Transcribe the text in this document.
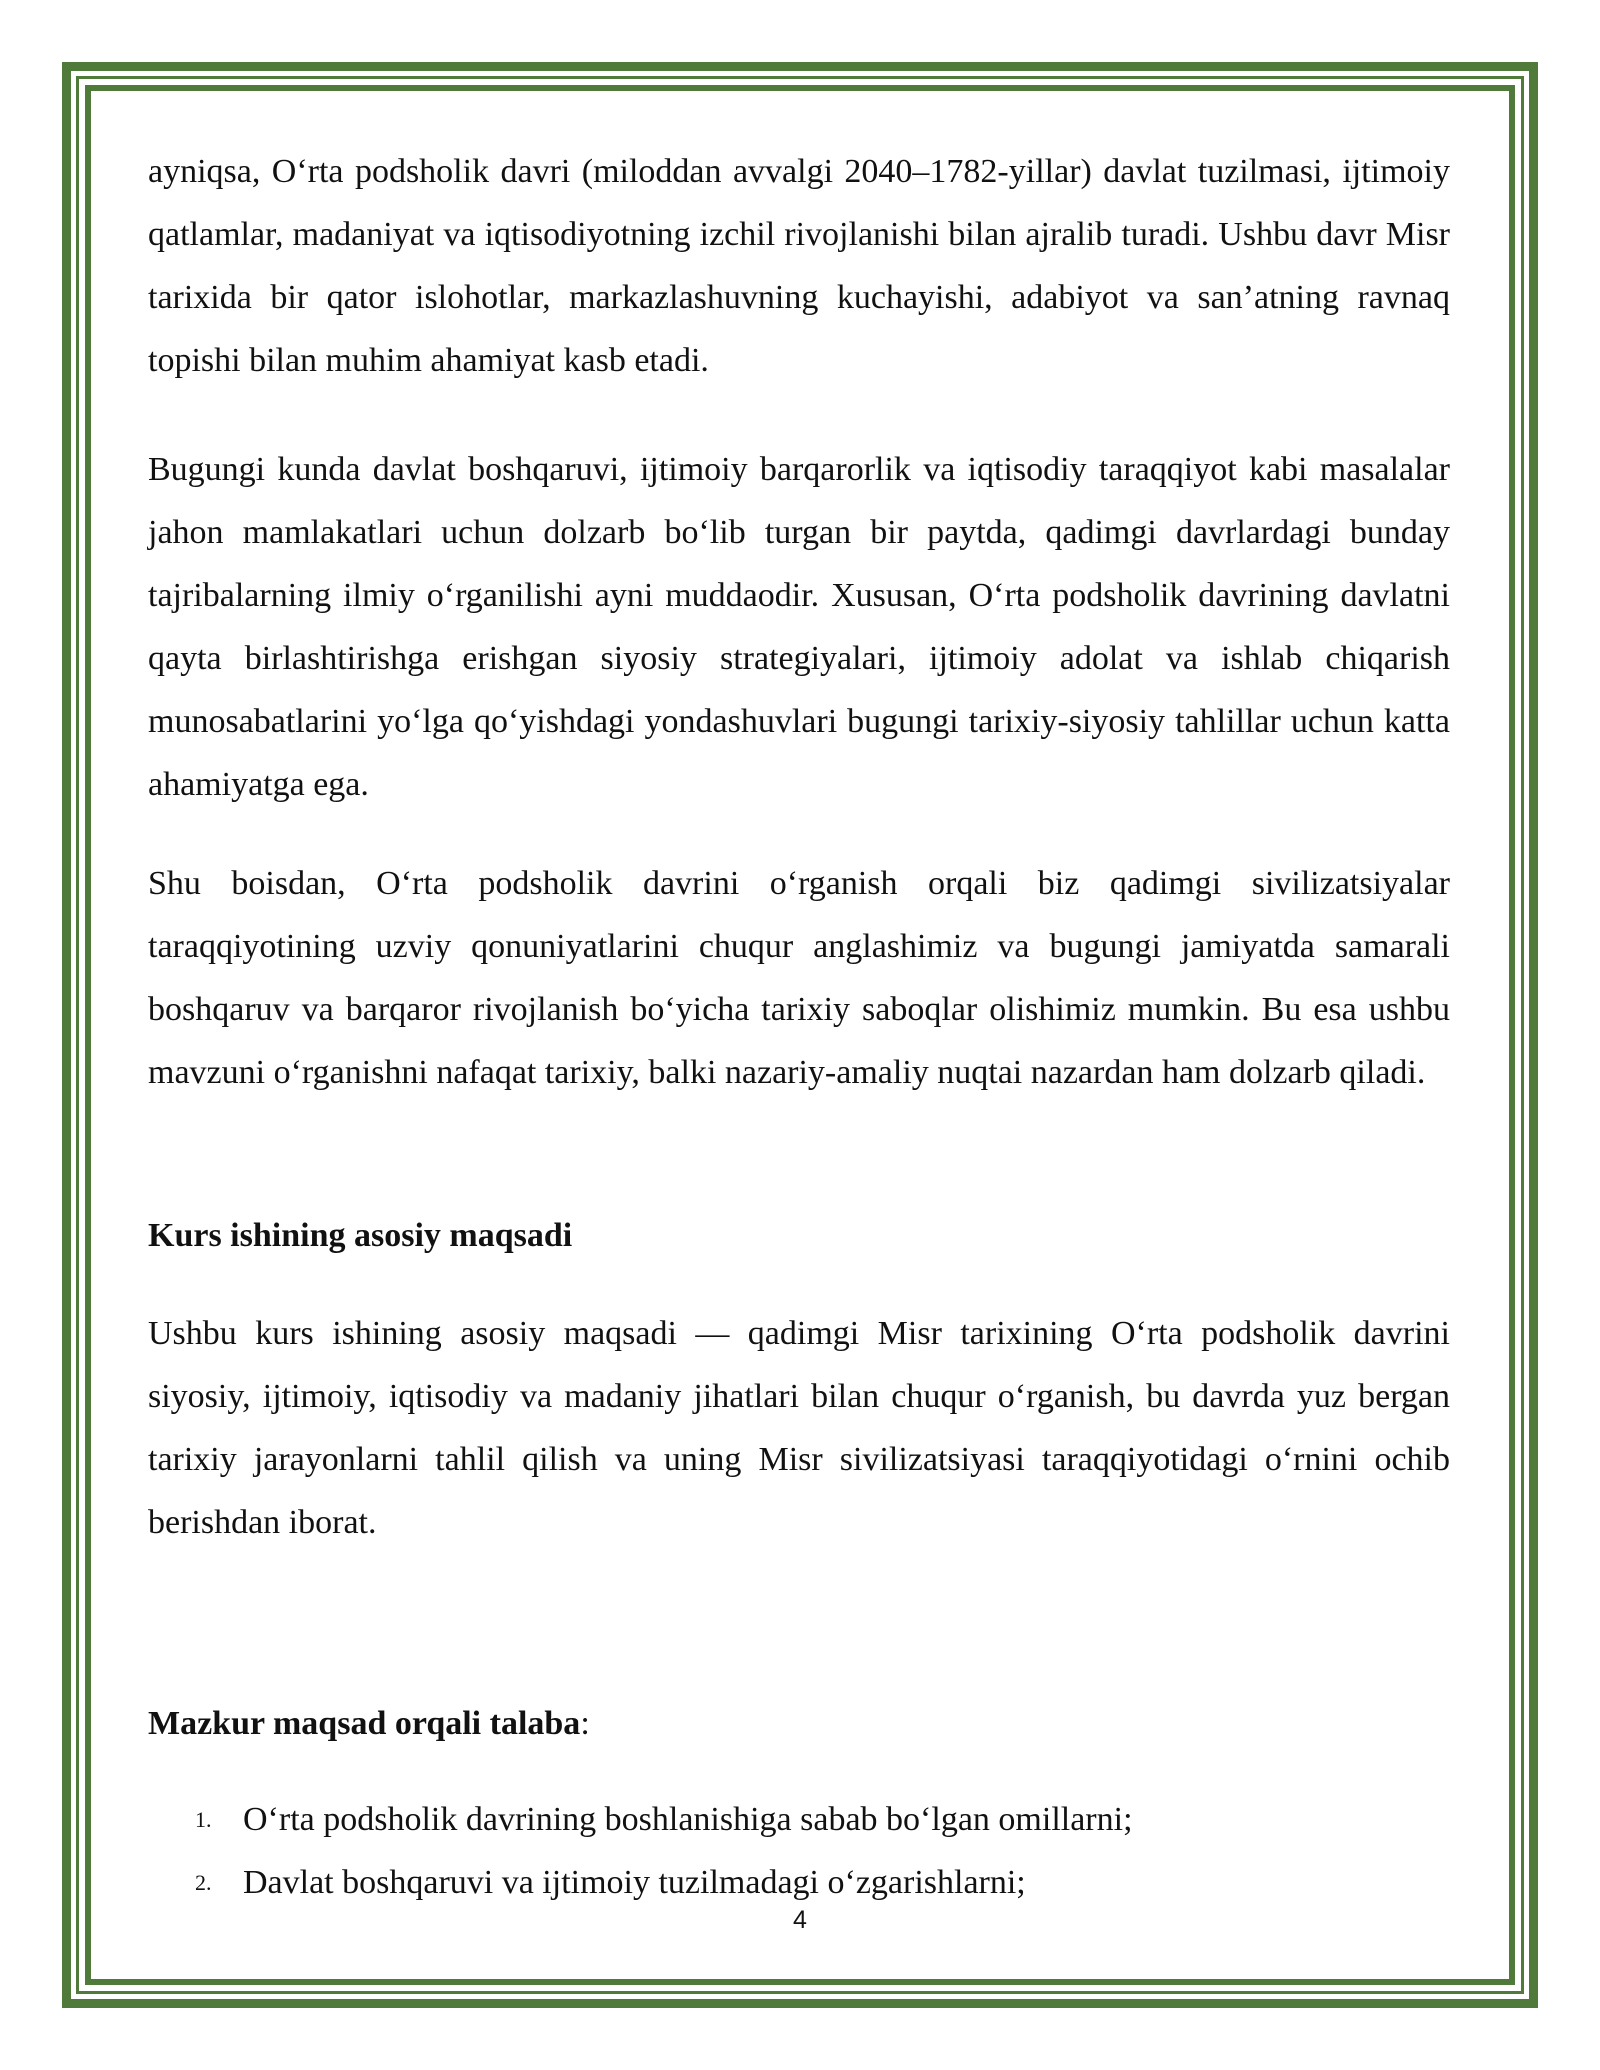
ayniqsa, O‘rta podsholik davri (miloddan avvalgi 2040–1782-yillar) davlat tuzilmasi, ijtimoiy qatlamlar, madaniyat va iqtisodiyotning izchil rivojlanishi bilan ajralib turadi. Ushbu davr Misr tarixida bir qator islohotlar, markazlashuvning kuchayishi, adabiyot va san’atning ravnaq topishi bilan muhim ahamiyat kasb etadi.

Bugungi kunda davlat boshqaruvi, ijtimoiy barqarorlik va iqtisodiy taraqqiyot kabi masalalar jahon mamlakatlari uchun dolzarb bo‘lib turgan bir paytda, qadimgi davrlardagi bunday tajribalarning ilmiy o‘rganilishi ayni muddaodir. Xususan, O‘rta podsholik davrining davlatni qayta birlashtirishga erishgan siyosiy strategiyalari, ijtimoiy adolat va ishlab chiqarish munosabatlarini yo‘lga qo‘yishdagi yondashuvlari bugungi tarixiy-siyosiy tahlillar uchun katta ahamiyatga ega.

Shu boisdan, O‘rta podsholik davrini o‘rganish orqali biz qadimgi sivilizatsiyalar taraqqiyotining uzviy qonuniyatlarini chuqur anglashimiz va bugungi jamiyatda samarali boshqaruv va barqaror rivojlanish bo‘yicha tarixiy saboqlar olishimiz mumkin. Bu esa ushbu mavzuni o‘rganishni nafaqat tarixiy, balki nazariy-amaliy nuqtai nazardan ham dolzarb qiladi.

Kurs ishining asosiy maqsadi

Ushbu kurs ishining asosiy maqsadi — qadimgi Misr tarixining O‘rta podsholik davrini siyosiy, ijtimoiy, iqtisodiy va madaniy jihatlari bilan chuqur o‘rganish, bu davrda yuz bergan tarixiy jarayonlarni tahlil qilish va uning Misr sivilizatsiyasi taraqqiyotidagi o‘rnini ochib berishdan iborat.

Mazkur maqsad orqali talaba:

1. O‘rta podsholik davrining boshlanishiga sabab bo‘lgan omillarni;
2. Davlat boshqaruvi va ijtimoiy tuzilmadagi o‘zgarishlarni;
4
